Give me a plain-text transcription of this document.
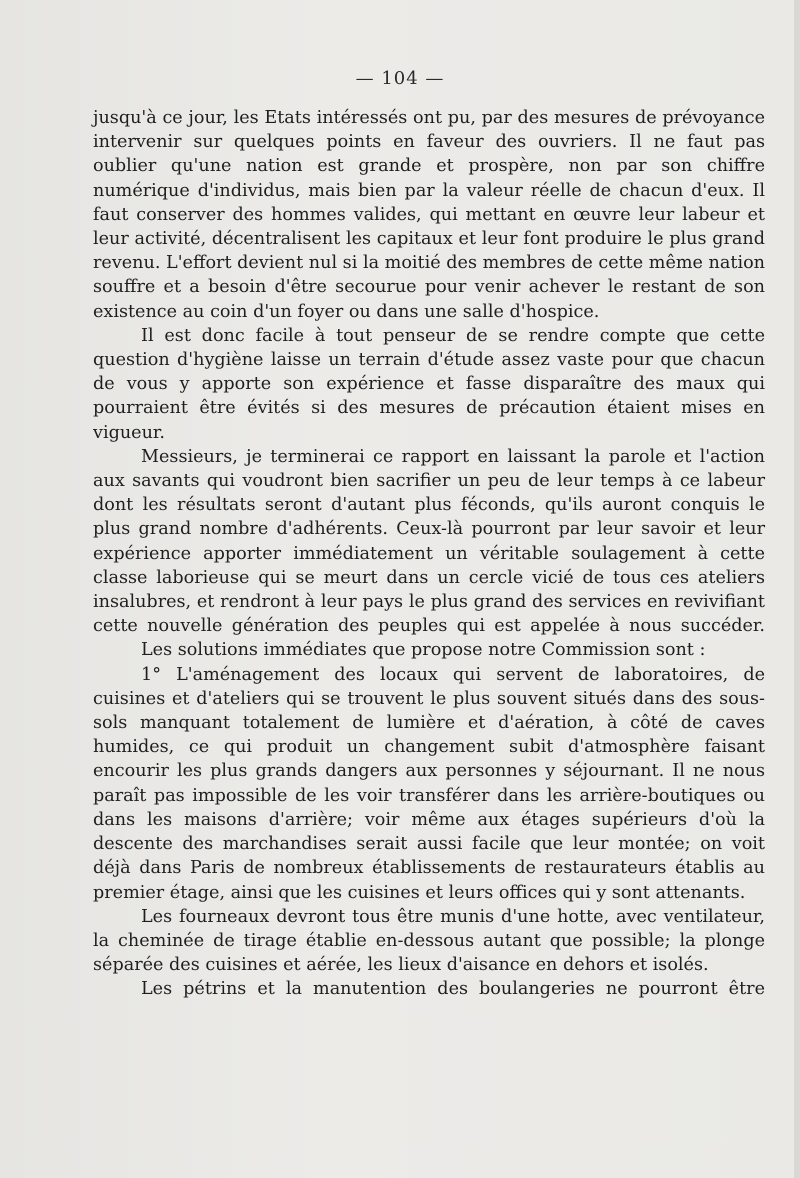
— 104 —

jusqu'à ce jour, les Etats intéressés ont pu, par des mesures de prévoyance intervenir sur quelques points en faveur des ouvriers. Il ne faut pas oublier qu'une nation est grande et prospère, non par son chiffre numérique d'individus, mais bien par la valeur réelle de chacun d'eux. Il faut conserver des hommes valides, qui mettant en œuvre leur labeur et leur activité, décentralisent les capitaux et leur font produire le plus grand revenu. L'effort devient nul si la moitié des membres de cette même nation souffre et a besoin d'être secourue pour venir achever le restant de son existence au coin d'un foyer ou dans une salle d'hospice.

Il est donc facile à tout penseur de se rendre compte que cette question d'hygiène laisse un terrain d'étude assez vaste pour que chacun de vous y apporte son expérience et fasse disparaître des maux qui pourraient être évités si des mesures de précaution étaient mises en vigueur.

Messieurs, je terminerai ce rapport en laissant la parole et l'action aux savants qui voudront bien sacrifier un peu de leur temps à ce labeur dont les résultats seront d'autant plus féconds, qu'ils auront conquis le plus grand nombre d'adhérents. Ceux-là pourront par leur savoir et leur expérience apporter immédiatement un véritable soulagement à cette classe laborieuse qui se meurt dans un cercle vicié de tous ces ateliers insalubres, et rendront à leur pays le plus grand des services en revivifiant cette nouvelle génération des peuples qui est appelée à nous succéder.

Les solutions immédiates que propose notre Commission sont :

1° L'aménagement des locaux qui servent de laboratoires, de cuisines et d'ateliers qui se trouvent le plus souvent situés dans des sous-sols manquant totalement de lumière et d'aération, à côté de caves humides, ce qui produit un changement subit d'atmosphère faisant encourir les plus grands dangers aux personnes y séjournant. Il ne nous paraît pas impossible de les voir transférer dans les arrière-boutiques ou dans les maisons d'arrière; voir même aux étages supérieurs d'où la descente des marchandises serait aussi facile que leur montée; on voit déjà dans Paris de nombreux établissements de restaurateurs établis au premier étage, ainsi que les cuisines et leurs offices qui y sont attenants.

Les fourneaux devront tous être munis d'une hotte, avec ventilateur, la cheminée de tirage établie en-dessous autant que possible; la plonge séparée des cuisines et aérée, les lieux d'aisance en dehors et isolés.

Les pétrins et la manutention des boulangeries ne pourront être
